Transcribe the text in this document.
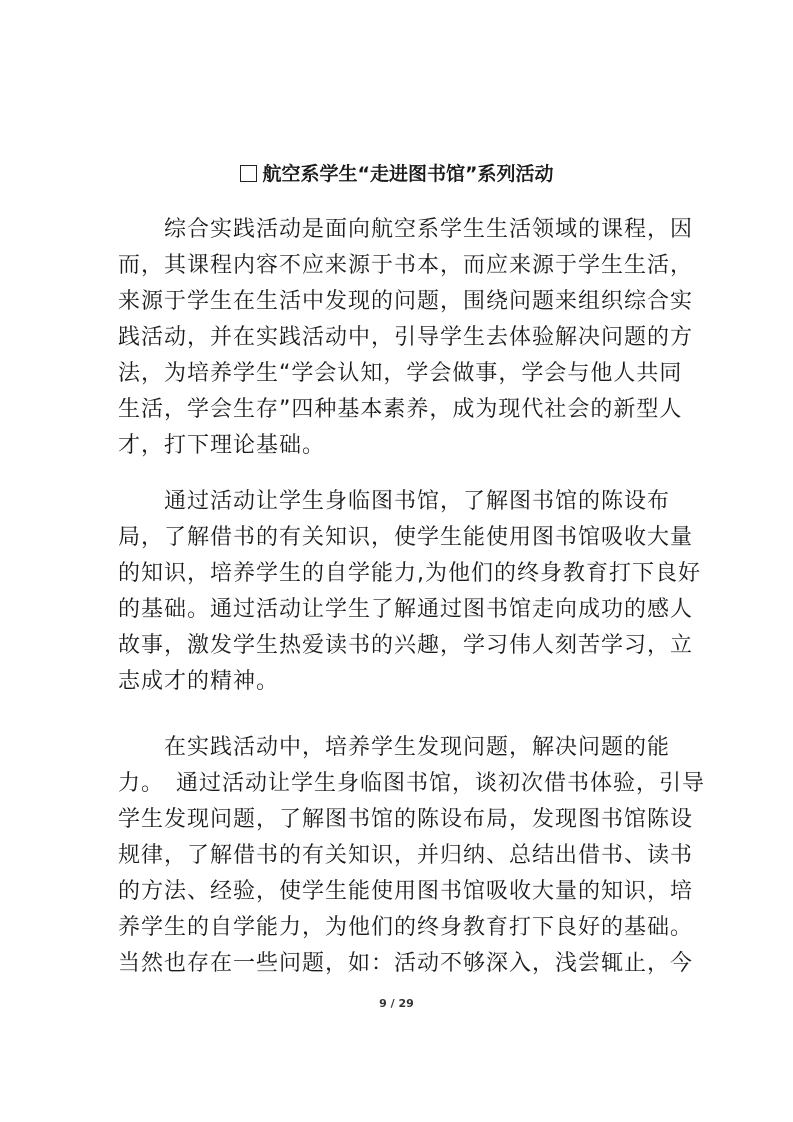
航空系学生“走进图书馆”系列活动
　　综合实践活动是面向航空系学生生活领域的课程，因
而，其课程内容不应来源于书本，而应来源于学生生活，
来源于学生在生活中发现的问题，围绕问题来组织综合实
践活动，并在实践活动中，引导学生去体验解决问题的方
法，为培养学生“学会认知，学会做事，学会与他人共同
生活，学会生存”四种基本素养，成为现代社会的新型人
才，打下理论基础。
　　通过活动让学生身临图书馆，了解图书馆的陈设布
局，了解借书的有关知识，使学生能使用图书馆吸收大量
的知识，培养学生的自学能力,为他们的终身教育打下良好
的基础。通过活动让学生了解通过图书馆走向成功的感人
故事，激发学生热爱读书的兴趣，学习伟人刻苦学习，立
志成才的精神。
　　在实践活动中，培养学生发现问题，解决问题的能
力。　通过活动让学生身临图书馆，谈初次借书体验，引导
学生发现问题，了解图书馆的陈设布局，发现图书馆陈设
规律，了解借书的有关知识，并归纳、总结出借书、读书
的方法、经验，使学生能使用图书馆吸收大量的知识，培
养学生的自学能力，为他们的终身教育打下良好的基础。
当然也存在一些问题，如：活动不够深入，浅尝辄止，今
9 / 29
